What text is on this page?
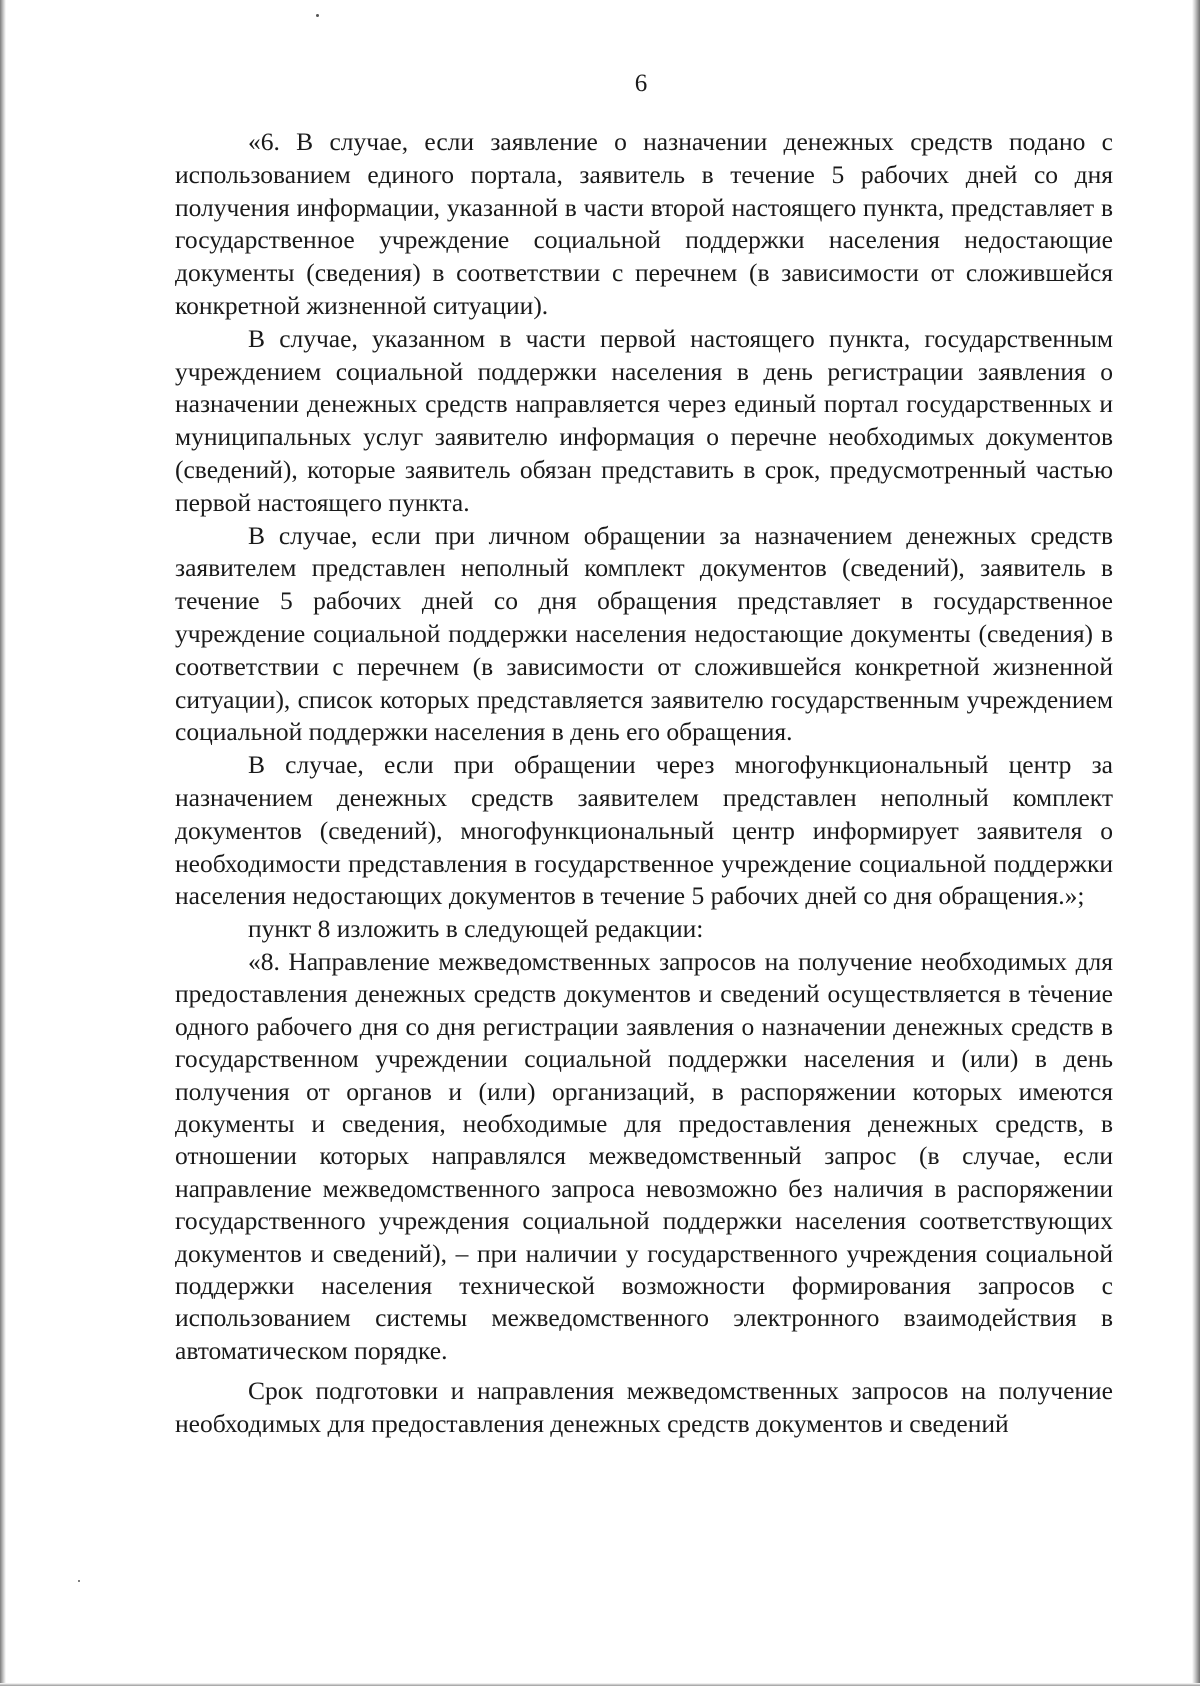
6

«6. В случае, если заявление о назначении денежных средств подано с использованием единого портала, заявитель в течение 5 рабочих дней со дня получения информации, указанной в части второй настоящего пункта, представляет в государственное учреждение социальной поддержки населения недостающие документы (сведения) в соответствии с перечнем (в зависимости от сложившейся конкретной жизненной ситуации).

В случае, указанном в части первой настоящего пункта, государственным учреждением социальной поддержки населения в день регистрации заявления о назначении денежных средств направляется через единый портал государственных и муниципальных услуг заявителю информация о перечне необходимых документов (сведений), которые заявитель обязан представить в срок, предусмотренный частью первой настоящего пункта.

В случае, если при личном обращении за назначением денежных средств заявителем представлен неполный комплект документов (сведений), заявитель в течение 5 рабочих дней со дня обращения представляет в государственное учреждение социальной поддержки населения недостающие документы (сведения) в соответствии с перечнем (в зависимости от сложившейся конкретной жизненной ситуации), список которых представляется заявителю государственным учреждением социальной поддержки населения в день его обращения.

В случае, если при обращении через многофункциональный центр за назначением денежных средств заявителем представлен неполный комплект документов (сведений), многофункциональный центр информирует заявителя о необходимости представления в государственное учреждение социальной поддержки населения недостающих документов в течение 5 рабочих дней со дня обращения.»;

пункт 8 изложить в следующей редакции:

«8. Направление межведомственных запросов на получение необходимых для предоставления денежных средств документов и сведений осуществляется в течение одного рабочего дня со дня регистрации заявления о назначении денежных средств в государственном учреждении социальной поддержки населения и (или) в день получения от органов и (или) организаций, в распоряжении которых имеются документы и сведения, необходимые для предоставления денежных средств, в отношении которых направлялся межведомственный запрос (в случае, если направление межведомственного запроса невозможно без наличия в распоряжении государственного учреждения социальной поддержки населения соответствующих документов и сведений), – при наличии у государственного учреждения социальной поддержки населения технической возможности формирования запросов с использованием системы межведомственного электронного взаимодействия в автоматическом порядке.

Срок подготовки и направления межведомственных запросов на получение необходимых для предоставления денежных средств документов и сведений
